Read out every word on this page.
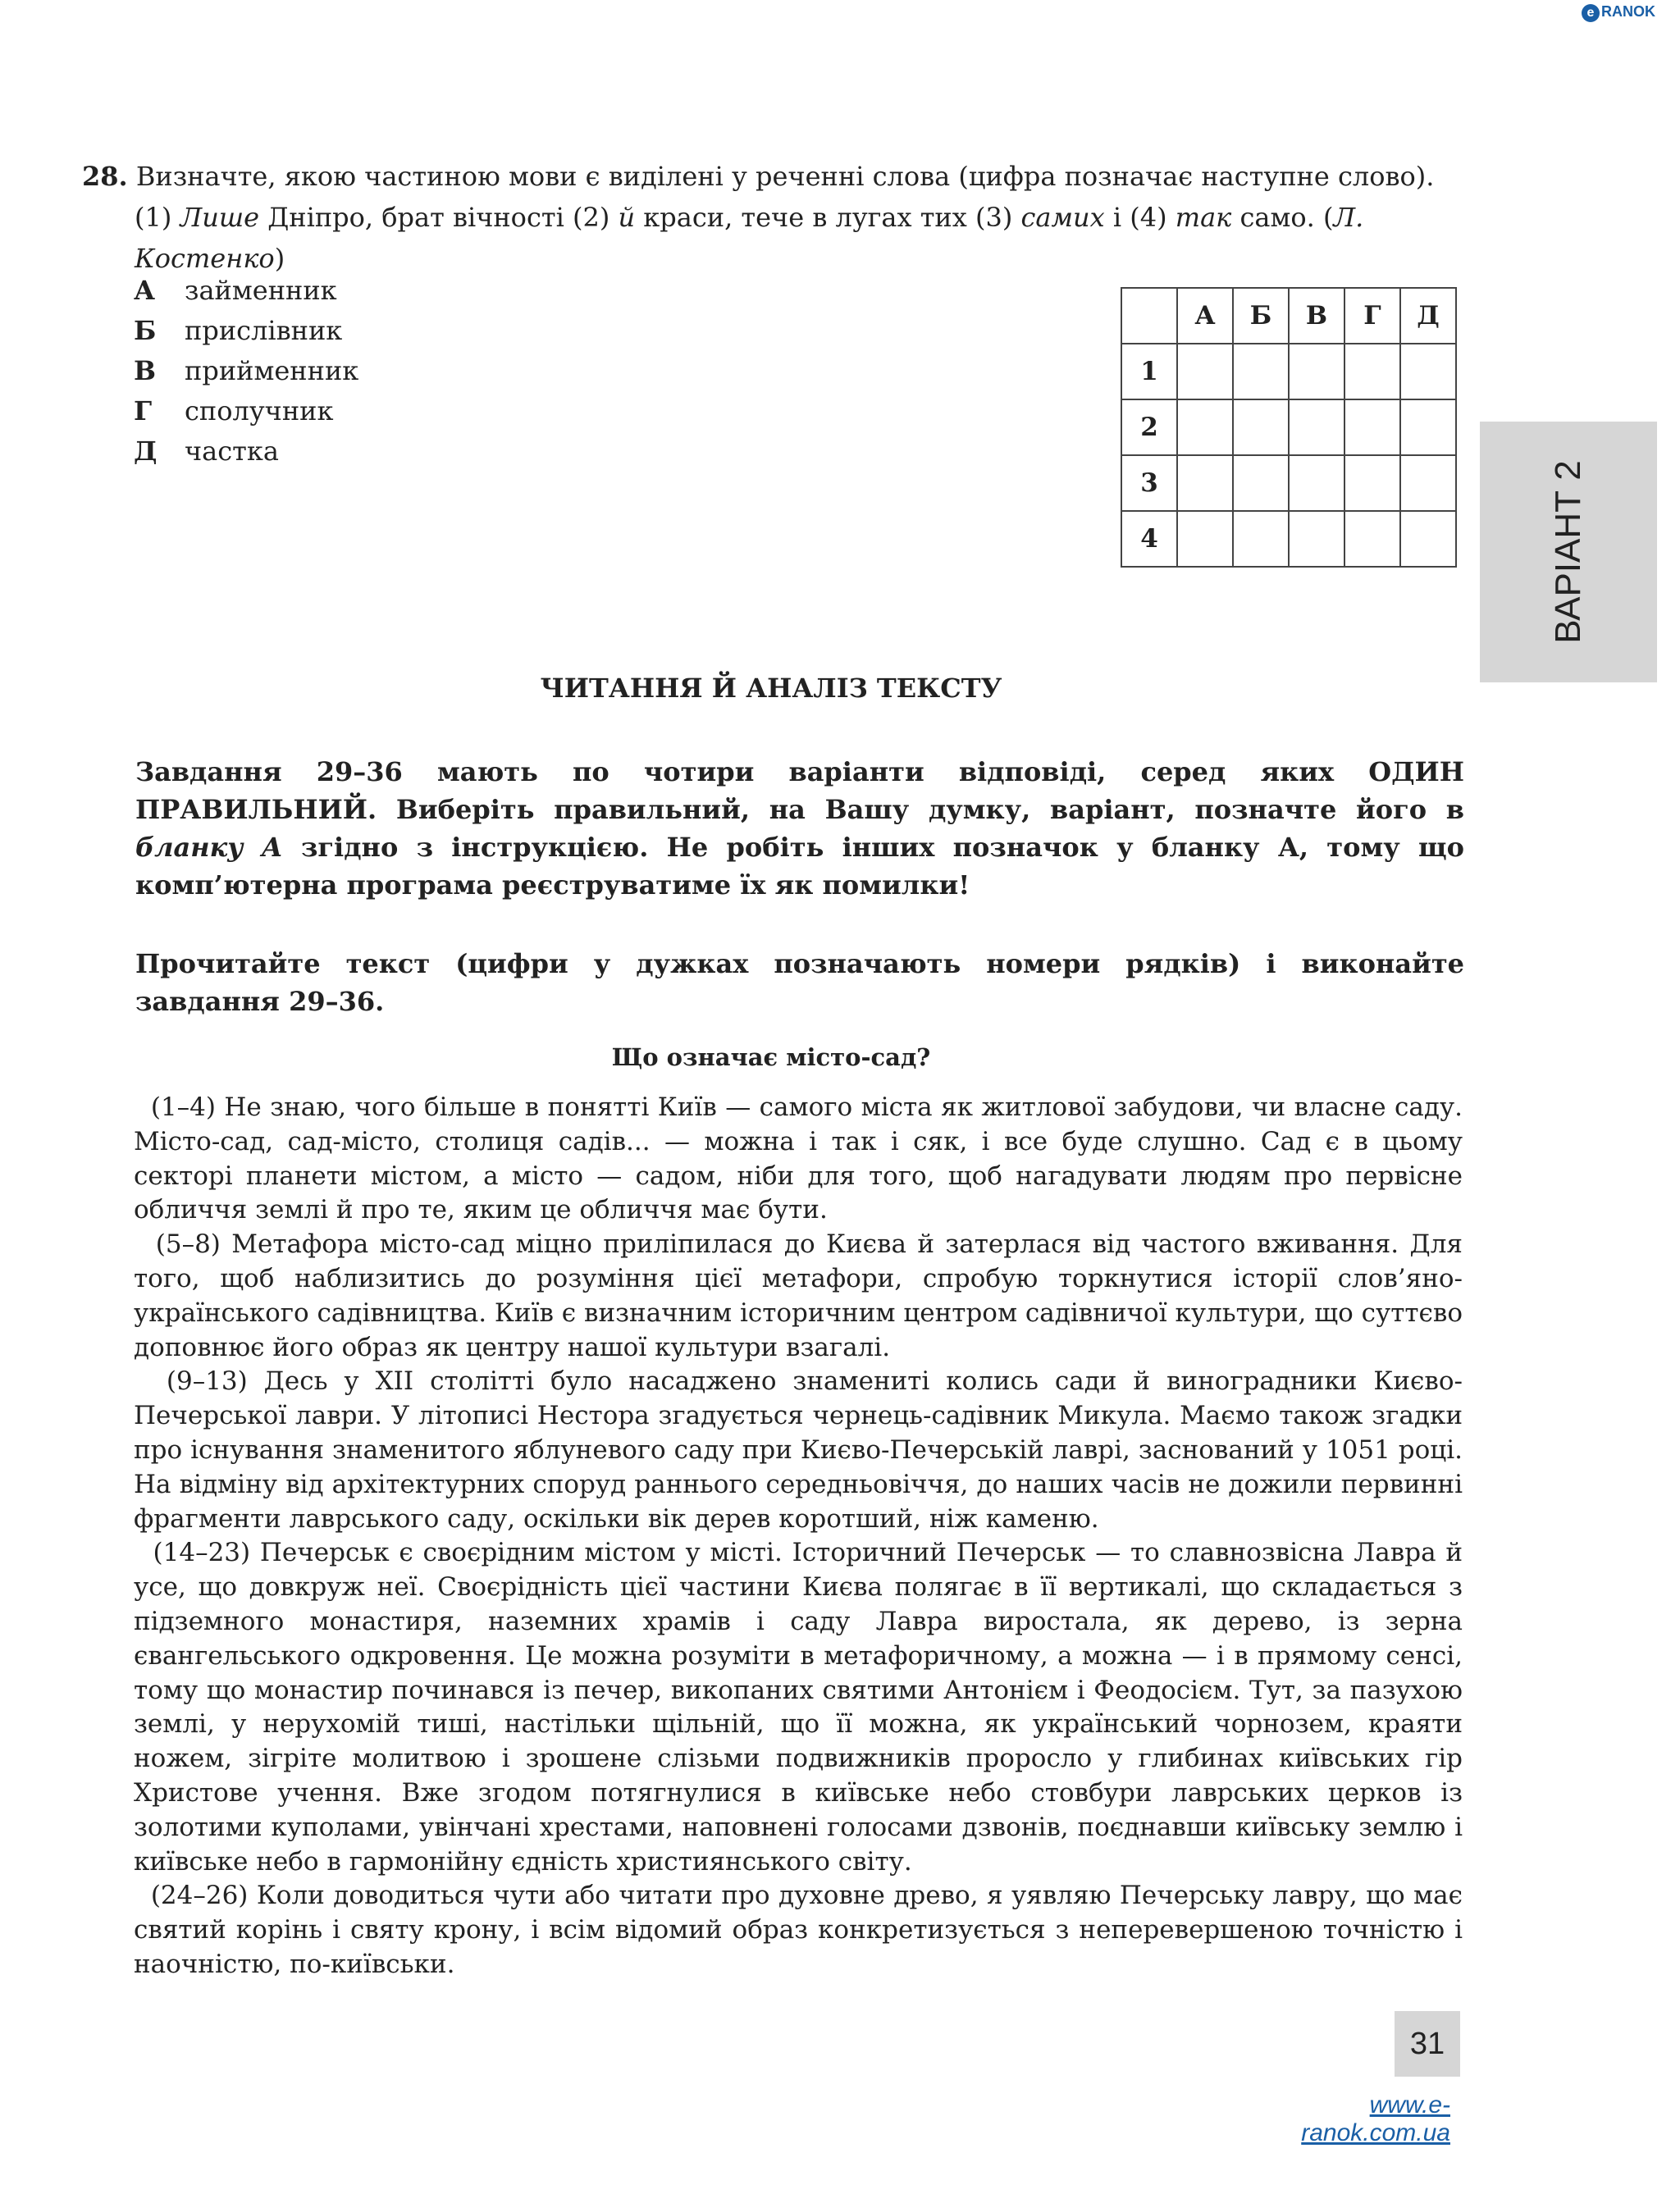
e RANOK
28. Визначте, якою частиною мови є виділені у реченні слова (цифра позначає наступне слово).
(1) Лише Дніпро, брат вічності (2) й краси, тече в лугах тих (3) самих і (4) так само. (Л. Костенко)
А займенник
Б прислівник
В прийменник
Г сполучник
Д частка
	А	Б	В	Г	Д
1					
2					
3					
4						ВАРІАНТ 2
ЧИТАННЯ Й АНАЛІЗ ТЕКСТУ
Завдання 29–36 мають по чотири варіанти відповіді, серед яких ОДИН ПРАВИЛЬНИЙ. Виберіть правильний, на Вашу думку, варіант, позначте його в бланку А згідно з інструкцією. Не робіть інших позначок у бланку А, тому що комп’ютерна програма реєструватиме їх як помилки!
Прочитайте текст (цифри у дужках позначають номери рядків) і виконайте завдання 29–36.
Що означає місто-сад?

(1–4) Не знаю, чого більше в понятті Київ — самого міста як житлової забудови, чи власне саду. Місто-сад, сад-місто, столиця садів... — можна і так і сяк, і все буде слушно. Сад є в цьому секторі планети містом, а місто — садом, ніби для того, щоб нагадувати людям про первісне обличчя землі й про те, яким це обличчя має бути.

(5–8) Метафора місто-сад міцно приліпилася до Києва й затерлася від частого вживання. Для того, щоб наблизитись до розуміння цієї метафори, спробую торкнутися історії слов’яно-українського садівництва. Київ є визначним історичним центром садівничої культури, що суттєво доповнює його образ як центру нашої культури взагалі.

(9–13) Десь у XII столітті було насаджено знамениті колись сади й виноградники Києво-Печерської лаври. У літописі Нестора згадується чернець-садівник Микула. Маємо також згадки про існування знаменитого яблуневого саду при Києво-Печерській лаврі, заснований у 1051 році. На відміну від архітектурних споруд раннього середньовіччя, до наших часів не дожили первинні фрагменти лаврського саду, оскільки вік дерев коротший, ніж каменю.

(14–23) Печерськ є своєрідним містом у місті. Історичний Печерськ — то славнозвісна Лавра й усе, що довкруж неї. Своєрідність цієї частини Києва полягає в її вертикалі, що складається з підземного монастиря, наземних храмів і саду Лавра виростала, як дерево, із зерна євангельського одкровення. Це можна розуміти в метафоричному, а можна — і в прямому сенсі, тому що монастир починався із печер, викопаних святими Антонієм і Феодосієм. Тут, за пазухою землі, у нерухомій тиші, настільки щільній, що її можна, як український чорнозем, краяти ножем, зігріте молитвою і зрошене слізьми подвижників проросло у глибинах київських гір Христове учення. Вже згодом потягнулися в київське небо стовбури лаврських церков із золотими куполами, увінчані хрестами, наповнені голосами дзвонів, поєднавши київську землю і київське небо в гармонійну єдність християнського світу.

(24–26) Коли доводиться чути або читати про духовне древо, я уявляю Печерську лавру, що має святий корінь і святу крону, і всім відомий образ конкретизується з неперевершеною точністю і наочністю, по-київськи.

31
www.e-ranok.com.ua
